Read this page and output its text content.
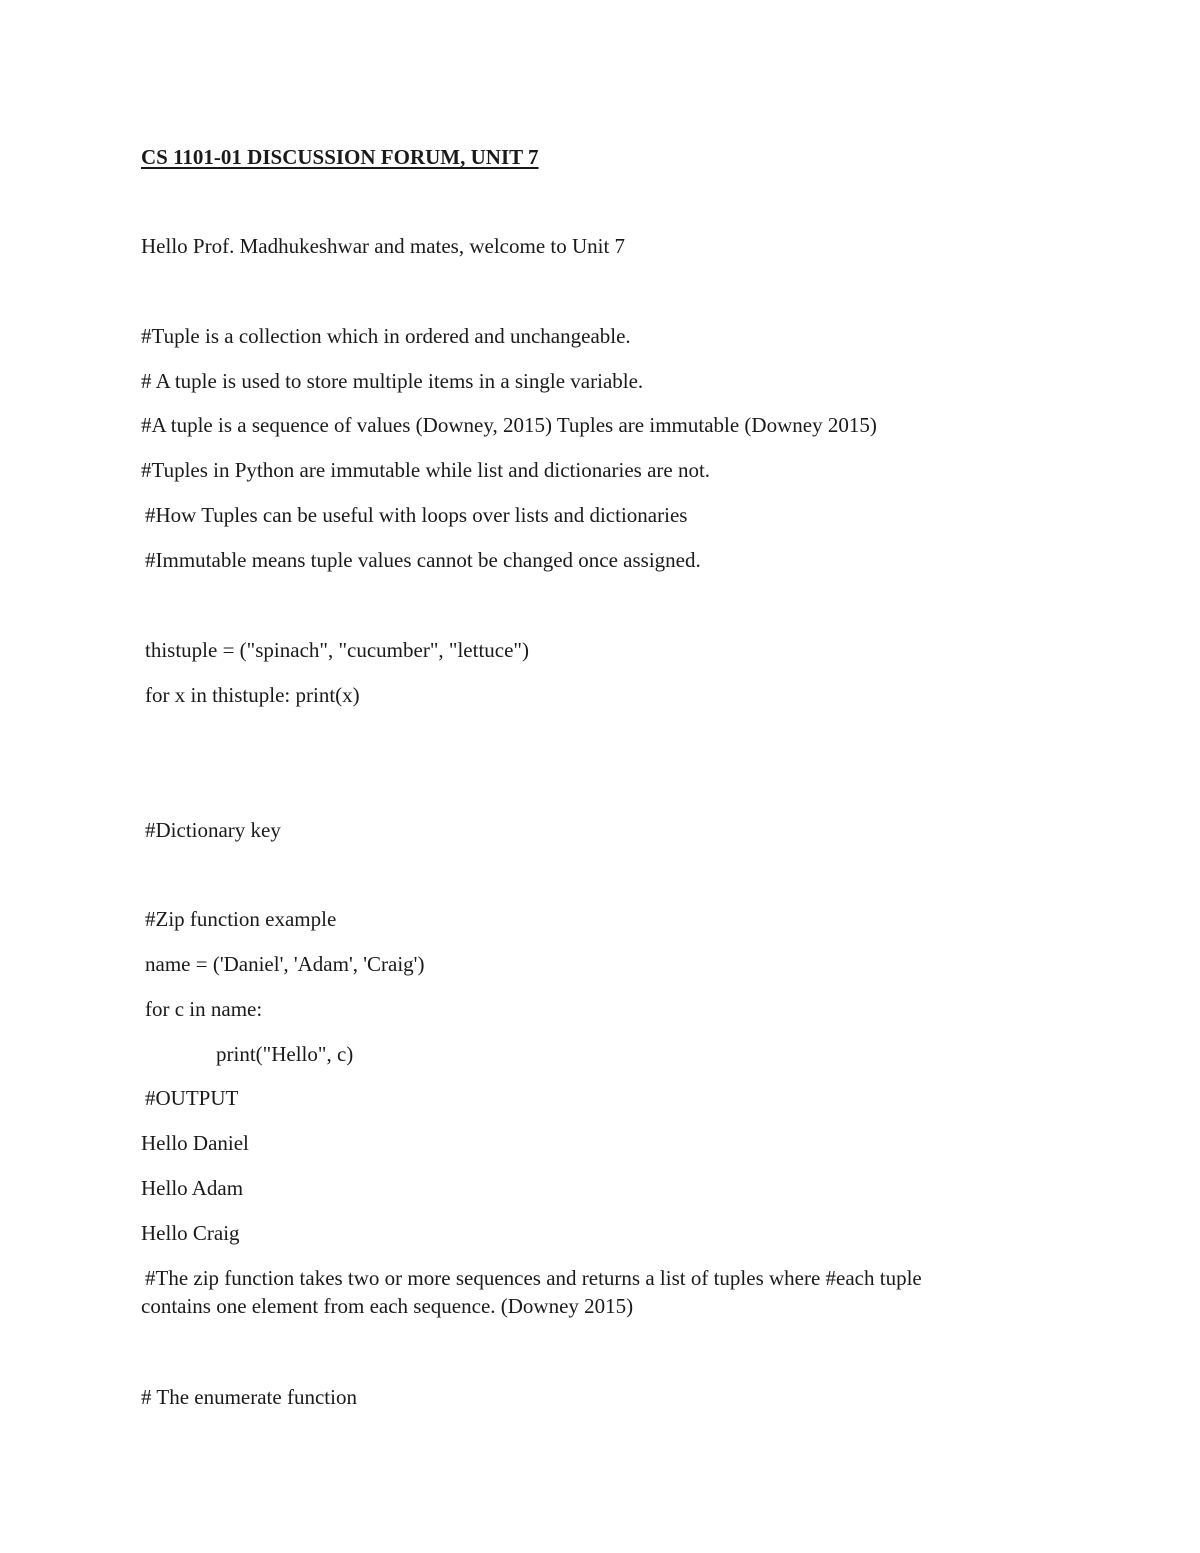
CS 1101-01 DISCUSSION FORUM, UNIT 7

Hello Prof. Madhukeshwar and mates, welcome to Unit 7

#Tuple is a collection which in ordered and unchangeable.

# A tuple is used to store multiple items in a single variable.

#A tuple is a sequence of values (Downey, 2015) Tuples are immutable (Downey 2015)

#Tuples in Python are immutable while list and dictionaries are not.

#How Tuples can be useful with loops over lists and dictionaries

#Immutable means tuple values cannot be changed once assigned.

thistuple = ("spinach", "cucumber", "lettuce")

for x in thistuple: print(x)

#Dictionary key

#Zip function example

name = ('Daniel', 'Adam', 'Craig')

for c in name:

print("Hello", c)

#OUTPUT

Hello Daniel

Hello Adam

Hello Craig

#The zip function takes two or more sequences and returns a list of tuples where #each tuple

contains one element from each sequence. (Downey 2015)

# The enumerate function
